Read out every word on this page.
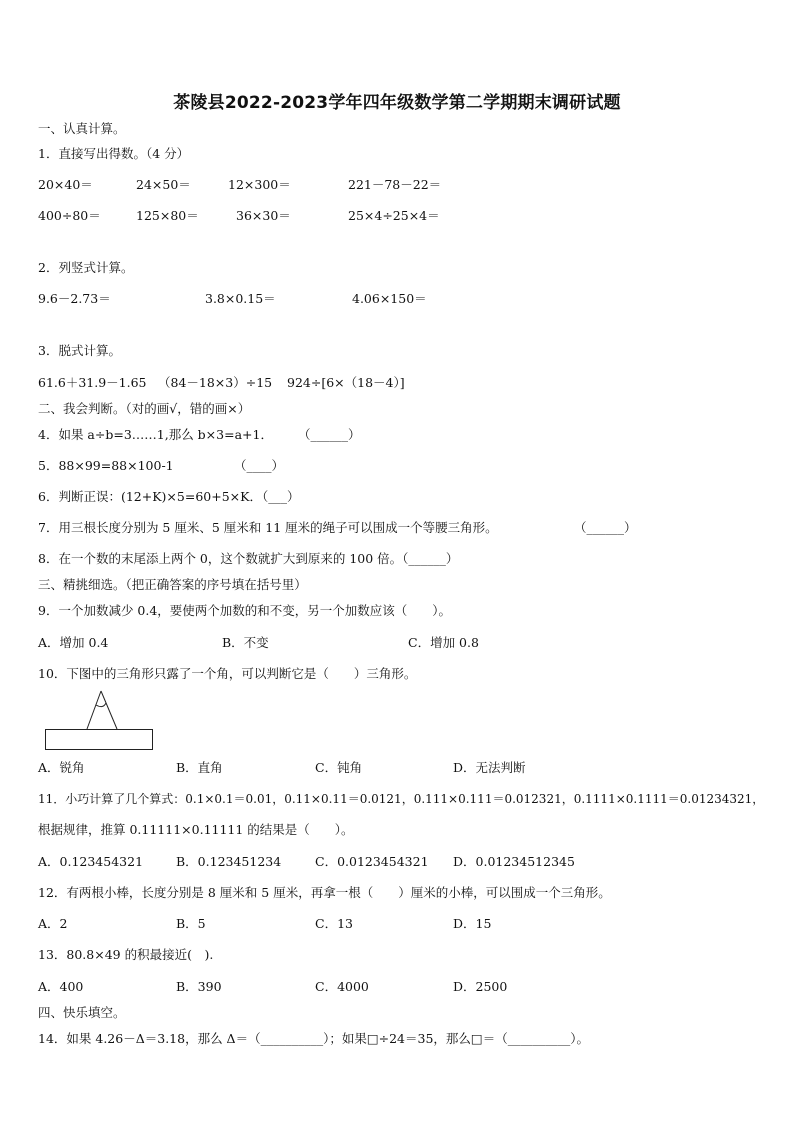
茶陵县2022-2023学年四年级数学第二学期期末调研试题
一、认真计算。
1．直接写出得数。（4 分）
20×40＝	24×50＝	12×300＝	221－78－22＝
400÷80＝	125×80＝	36×30＝	25×4÷25×4＝
2．列竖式计算。
9.6－2.73＝	3.8×0.15＝	4.06×150＝
3．脱式计算。
61.6＋31.9－1.65 （84－18×3）÷15 924÷[6×（18－4）]
二、我会判断。（对的画√，错的画×）
4．如果 a÷b=3……1,那么 b×3=a+1． （______）
5．88×99=88×100-1	（____）
6．判断正误：(12+K)×5=60+5×K．（___）
7．用三根长度分别为 5 厘米、5 厘米和 11 厘米的绳子可以围成一个等腰三角形。	（______）
8．在一个数的末尾添上两个 0，这个数就扩大到原来的 100 倍。（______）
三、精挑细选。（把正确答案的序号填在括号里）
9．一个加数减少 0.4，要使两个加数的和不变，另一个加数应该（　　）。
A．增加 0.4	B．不变	C．增加 0.8
10．下图中的三角形只露了一个角，可以判断它是（　　）三角形。
A．锐角	B．直角	C．钝角	D．无法判断
11．小巧计算了几个算式：0.1×0.1＝0.01，0.11×0.11＝0.0121，0.111×0.111＝0.012321，0.1111×0.1111＝0.01234321，
根据规律，推算 0.11111×0.11111 的结果是（　　）。
A．0.123454321	B．0.123451234	C．0.0123454321 D．0.01234512345
12．有两根小棒，长度分别是 8 厘米和 5 厘米，再拿一根（　　）厘米的小棒，可以围成一个三角形。
A．2	B．5	C．13	D．15
13．80.8×49 的积最接近(　).
A．400	B．390	C．4000	D．2500
四、快乐填空。
14．如果 4.26－Δ＝3.18，那么 Δ＝（__________）；如果□÷24＝35，那么□＝（__________）。
